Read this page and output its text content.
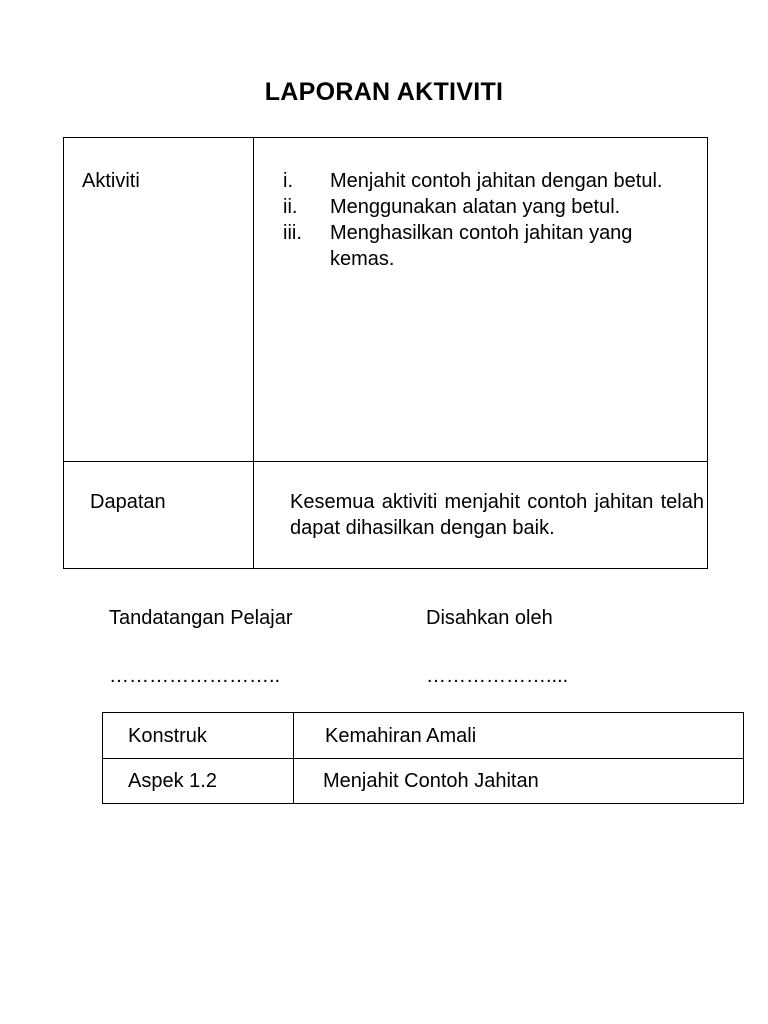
LAPORAN AKTIVITI
Aktiviti	i. Menjahit contoh jahitan dengan betul.
ii. Menggunakan alatan yang betul.
iii. Menghasilkan contoh jahitan yang kemas.
Dapatan	Kesemua aktiviti menjahit contoh jahitan telah dapat dihasilkan dengan baik.
Tandatangan Pelajar	Disahkan oleh
……………………..	………………....
Konstruk	Kemahiran Amali
Aspek 1.2	Menjahit Contoh Jahitan
